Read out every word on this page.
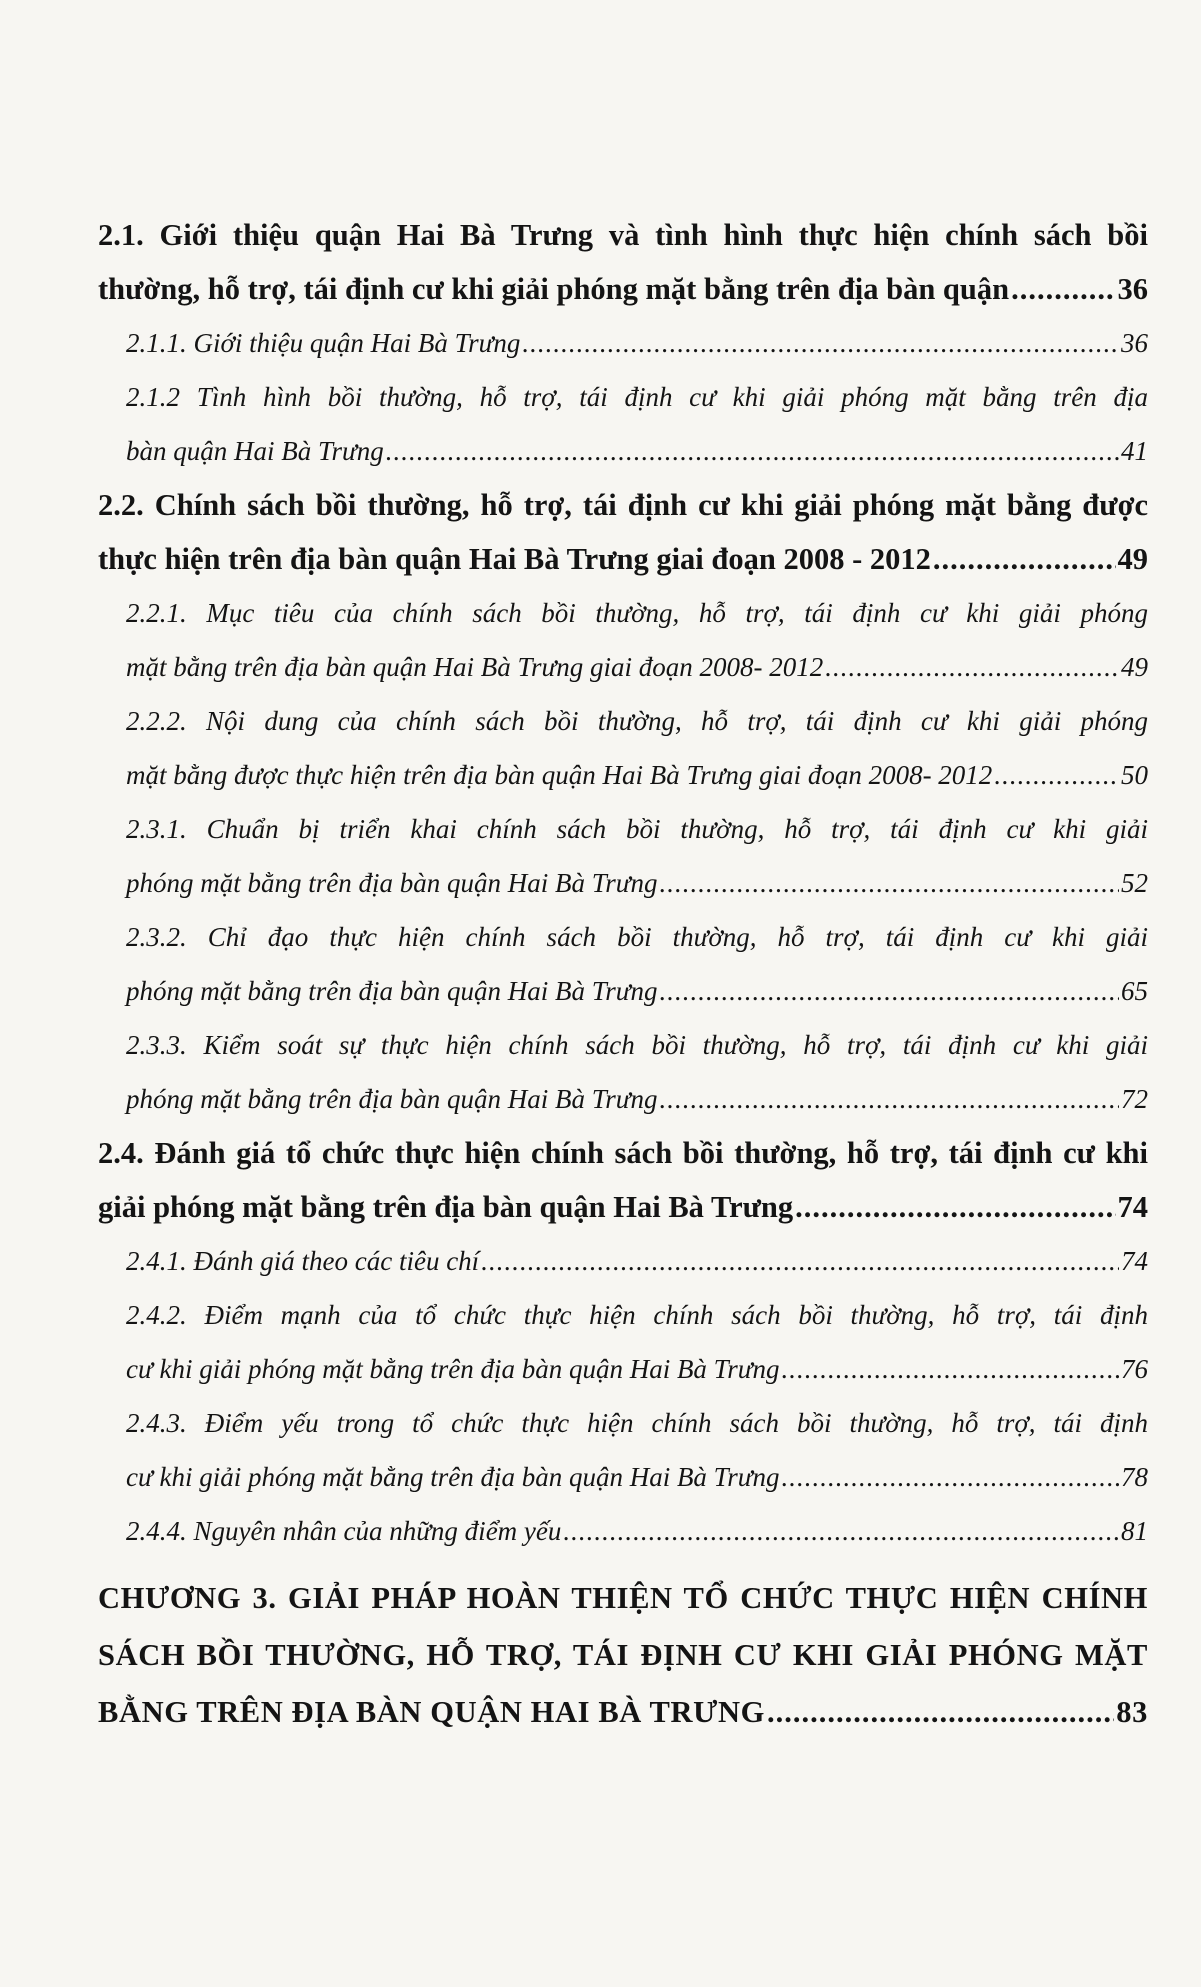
2.1. Giới thiệu quận Hai Bà Trưng và tình hình thực hiện chính sách bồi
thường, hỗ trợ, tái định cư khi giải phóng mặt bằng trên địa bàn quận .....	36
2.1.1. Giới thiệu quận Hai Bà Trưng .....	36
2.1.2 Tình hình bồi thường, hỗ trợ, tái định cư khi giải phóng mặt bằng trên địa
bàn quận Hai Bà Trưng .....	41
2.2. Chính sách bồi thường, hỗ trợ, tái định cư khi giải phóng mặt bằng được
thực hiện trên địa bàn quận Hai Bà Trưng giai đoạn 2008 - 2012 .....	49
2.2.1. Mục tiêu của chính sách bồi thường, hỗ trợ, tái định cư khi giải phóng
mặt bằng trên địa bàn quận Hai Bà Trưng giai đoạn 2008- 2012 .....	49
2.2.2. Nội dung của chính sách bồi thường, hỗ trợ, tái định cư khi giải phóng
mặt bằng được thực hiện trên địa bàn quận Hai Bà Trưng giai đoạn 2008- 2012 .....	50
2.3.1. Chuẩn bị triển khai chính sách bồi thường, hỗ trợ, tái định cư khi giải
phóng mặt bằng trên địa bàn quận Hai Bà Trưng .....	52
2.3.2. Chỉ đạo thực hiện chính sách bồi thường, hỗ trợ, tái định cư khi giải
phóng mặt bằng trên địa bàn quận Hai Bà Trưng .....	65
2.3.3. Kiểm soát sự thực hiện chính sách bồi thường, hỗ trợ, tái định cư khi giải
phóng mặt bằng trên địa bàn quận Hai Bà Trưng .....	72
2.4. Đánh giá tổ chức thực hiện chính sách bồi thường, hỗ trợ, tái định cư khi
giải phóng mặt bằng trên địa bàn quận Hai Bà Trưng .....	74
2.4.1. Đánh giá theo các tiêu chí .....	74
2.4.2. Điểm mạnh của tổ chức thực hiện chính sách bồi thường, hỗ trợ, tái định
cư khi giải phóng mặt bằng trên địa bàn quận Hai Bà Trưng .....	76
2.4.3. Điểm yếu trong tổ chức thực hiện chính sách bồi thường, hỗ trợ, tái định
cư khi giải phóng mặt bằng trên địa bàn quận Hai Bà Trưng .....	78
2.4.4. Nguyên nhân của những điểm yếu .....	81
CHƯƠNG 3. GIẢI PHÁP HOÀN THIỆN TỔ CHỨC THỰC HIỆN CHÍNH
SÁCH BỒI THƯỜNG, HỖ TRỢ, TÁI ĐỊNH CƯ KHI GIẢI PHÓNG MẶT
BẰNG TRÊN ĐỊA BÀN QUẬN HAI BÀ TRƯNG .....	83
